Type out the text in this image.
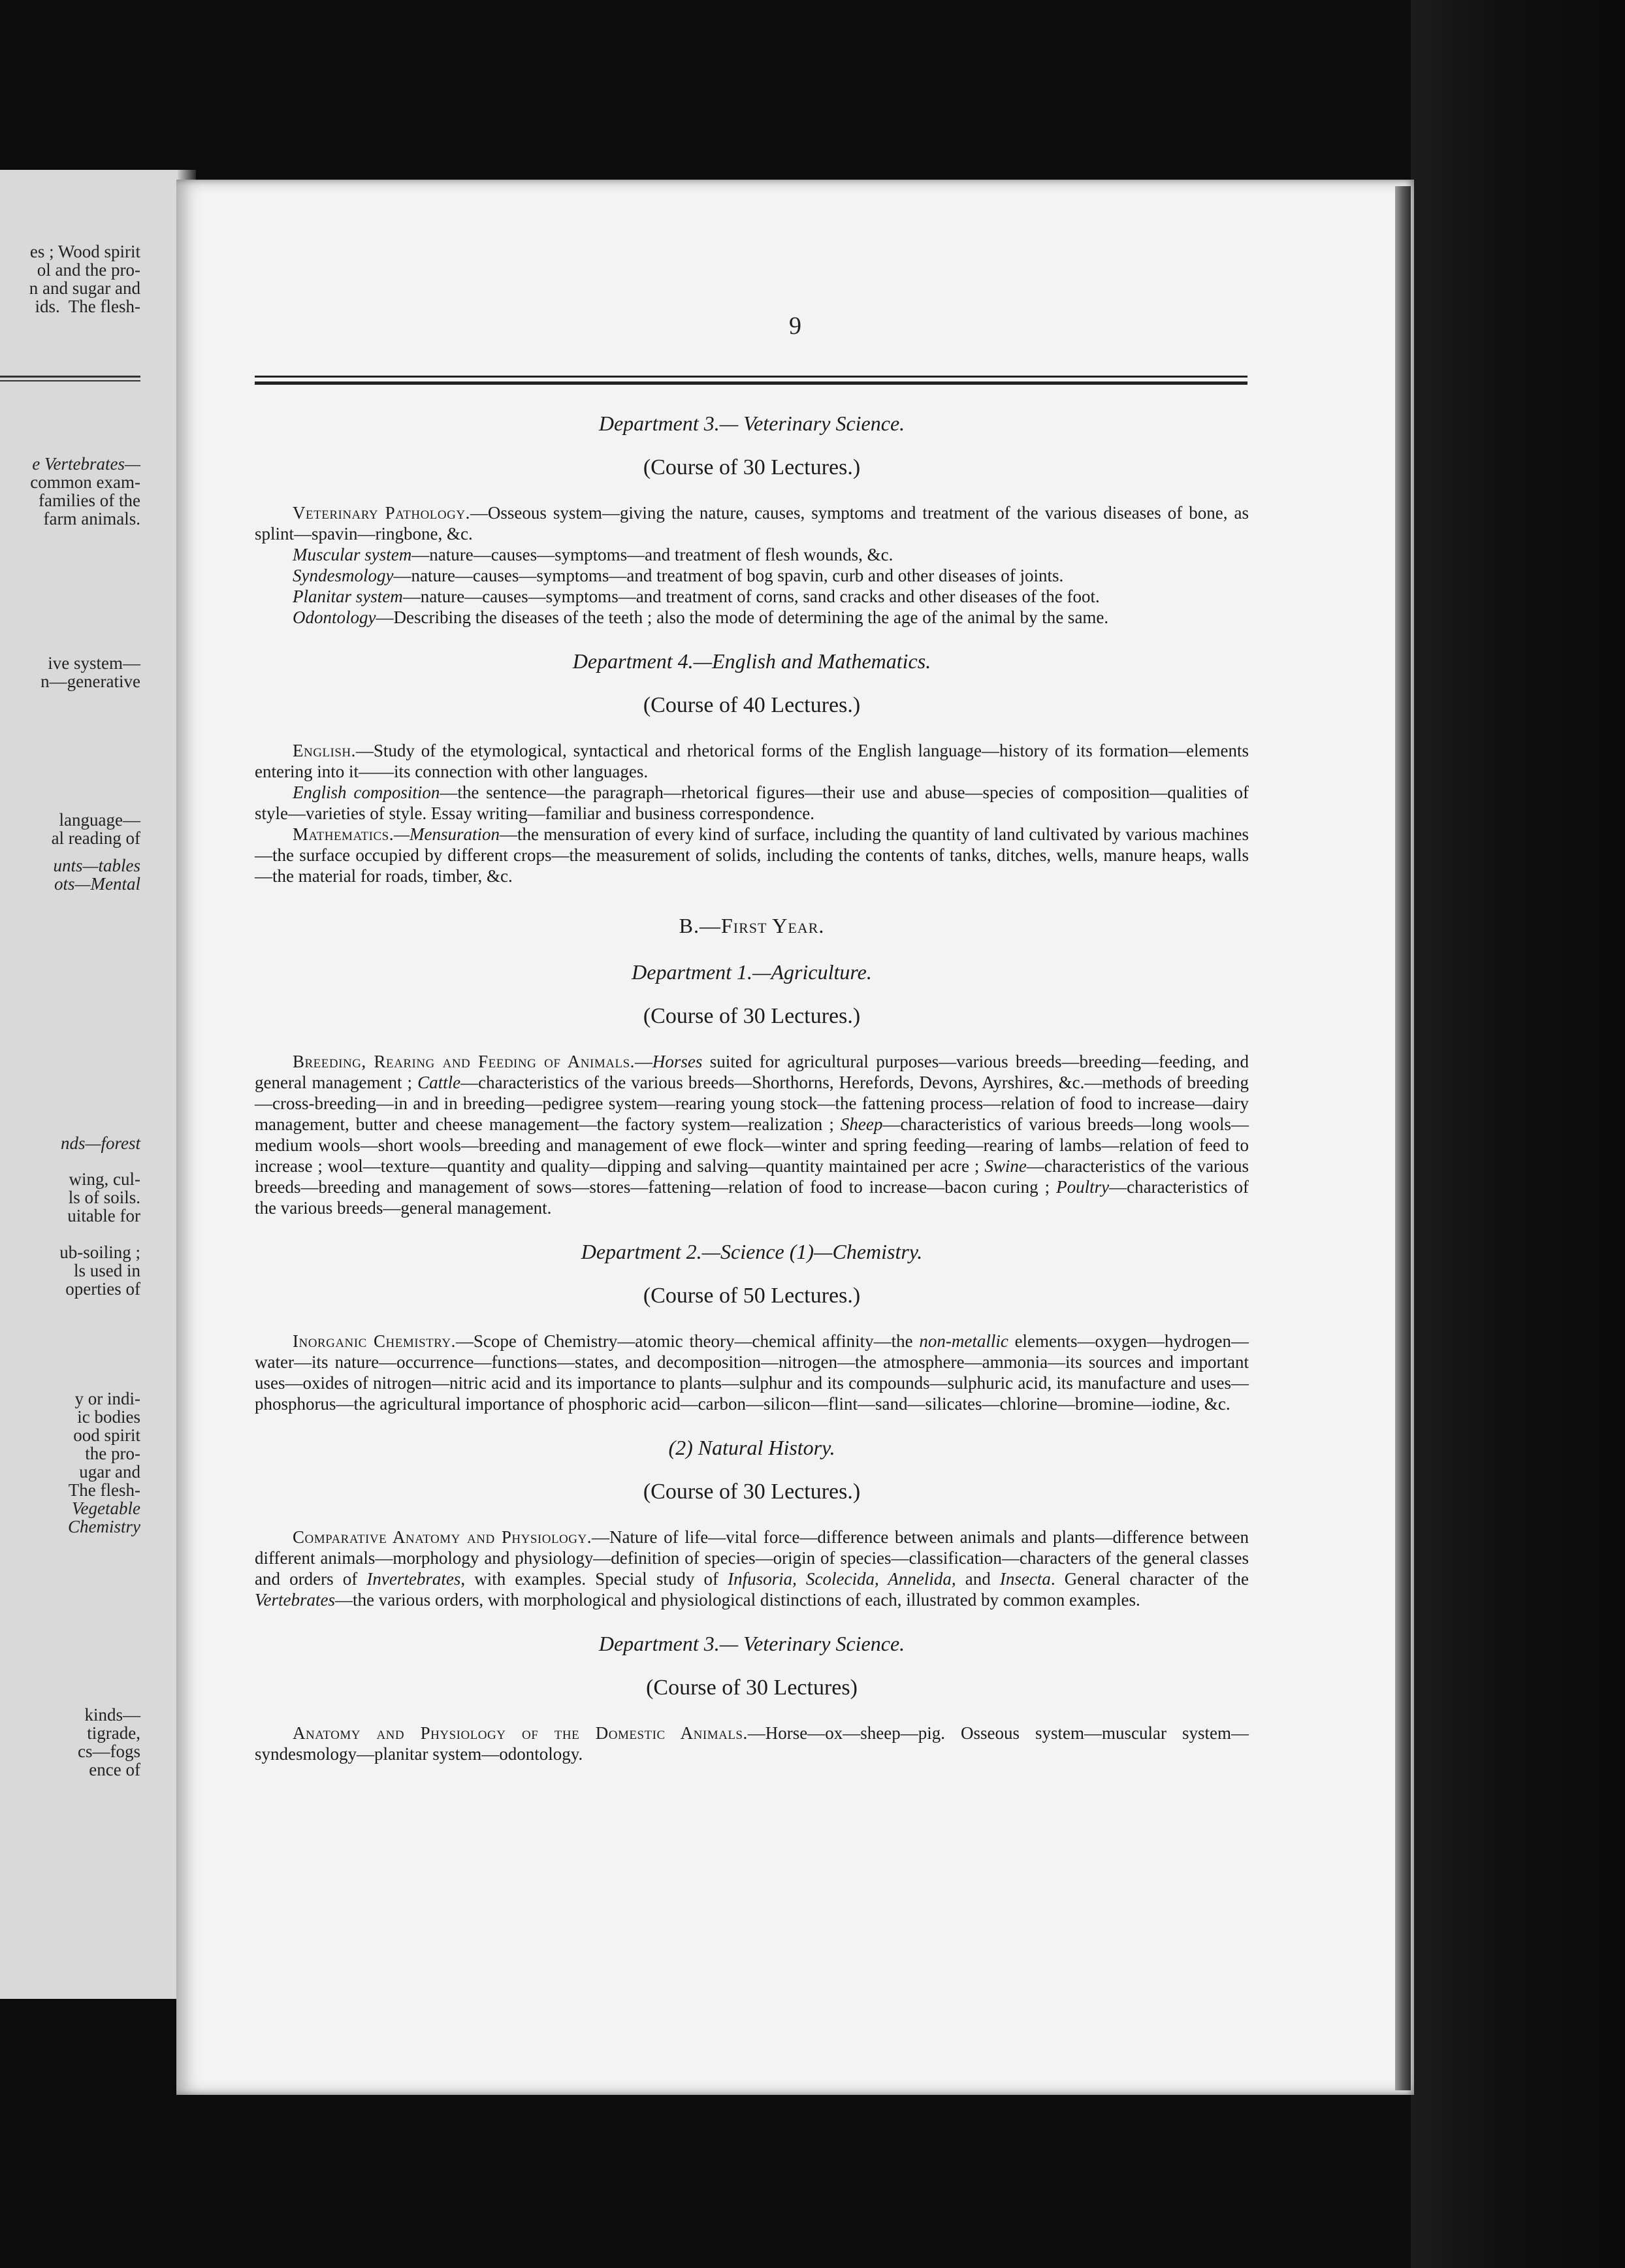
es ; Wood spirit
ol and the pro-
n and sugar and
ids.  The flesh-
e Vertebrates—
common exam-
families of the
farm animals.
ive system—
n—generative
language—
al reading of
unts—tables
ots—Mental
nds—forest
wing, cul-
ls of soils.
uitable for
ub-soiling ;
ls used in
operties of
y or indi-
ic bodies
ood spirit
the pro-
ugar and
The flesh-
Vegetable
Chemistry
kinds—
tigrade,
cs—fogs
ence of
9
Department 3.— Veterinary Science.
(Course of 30 Lectures.)

Veterinary Pathology.—Osseous system—giving the nature, causes, symptoms and treatment of the various diseases of bone, as splint—spavin—ringbone, &c.

Muscular system—nature—causes—symptoms—and treatment of flesh wounds, &c.

Syndesmology—nature—causes—symptoms—and treatment of bog spavin, curb and other diseases of joints.

Planitar system—nature—causes—symptoms—and treatment of corns, sand cracks and other diseases of the foot.

Odontology—Describing the diseases of the teeth ; also the mode of determining the age of the animal by the same.

Department 4.—English and Mathematics.
(Course of 40 Lectures.)

English.—Study of the etymological, syntactical and rhetorical forms of the English language—history of its formation—elements entering into it——its connection with other languages.

English composition—the sentence—the paragraph—rhetorical figures—their use and abuse—species of composition—qualities of style—varieties of style. Essay writing—familiar and business correspondence.

Mathematics.—Mensuration—the mensuration of every kind of surface, including the quantity of land cultivated by various machines—the surface occupied by different crops—the measurement of solids, including the contents of tanks, ditches, wells, manure heaps, walls—the material for roads, timber, &c.

B.—First Year.
Department 1.—Agriculture.
(Course of 30 Lectures.)

Breeding, Rearing and Feeding of Animals.—Horses suited for agricultural purposes—various breeds—breeding—feeding, and general management ; Cattle—characteristics of the various breeds—Shorthorns, Herefords, Devons, Ayrshires, &c.—methods of breeding—cross-breeding—in and in breeding—pedigree system—rearing young stock—the fattening process—relation of food to increase—dairy management, butter and cheese management—the factory system—realization ; Sheep—characteristics of various breeds—long wools—medium wools—short wools—breeding and management of ewe flock—winter and spring feeding—rearing of lambs—relation of feed to increase ; wool—texture—quantity and quality—dipping and salving—quantity maintained per acre ; Swine—characteristics of the various breeds—breeding and management of sows—stores—fattening—relation of food to increase—bacon curing ; Poultry—characteristics of the various breeds—general management.

Department 2.—Science (1)—Chemistry.
(Course of 50 Lectures.)

Inorganic Chemistry.—Scope of Chemistry—atomic theory—chemical affinity—the non-metallic elements—oxygen—hydrogen—water—its nature—occurrence—functions—states, and decomposition—nitrogen—the atmosphere—ammonia—its sources and important uses—oxides of nitrogen—nitric acid and its importance to plants—sulphur and its compounds—sulphuric acid, its manufacture and uses—phosphorus—the agricultural importance of phosphoric acid—carbon—silicon—flint—sand—silicates—chlorine—bromine—iodine, &c.

(2) Natural History.
(Course of 30 Lectures.)

Comparative Anatomy and Physiology.—Nature of life—vital force—difference between animals and plants—difference between different animals—morphology and physiology—definition of species—origin of species—classification—characters of the general classes and orders of Invertebrates, with examples. Special study of Infusoria, Scolecida, Annelida, and Insecta. General character of the Vertebrates—the various orders, with morphological and physiological distinctions of each, illustrated by common examples.

Department 3.— Veterinary Science.
(Course of 30 Lectures)

Anatomy and Physiology of the Domestic Animals.—Horse—ox—sheep—pig. Osseous system—muscular system—syndesmology—planitar system—odontology.
